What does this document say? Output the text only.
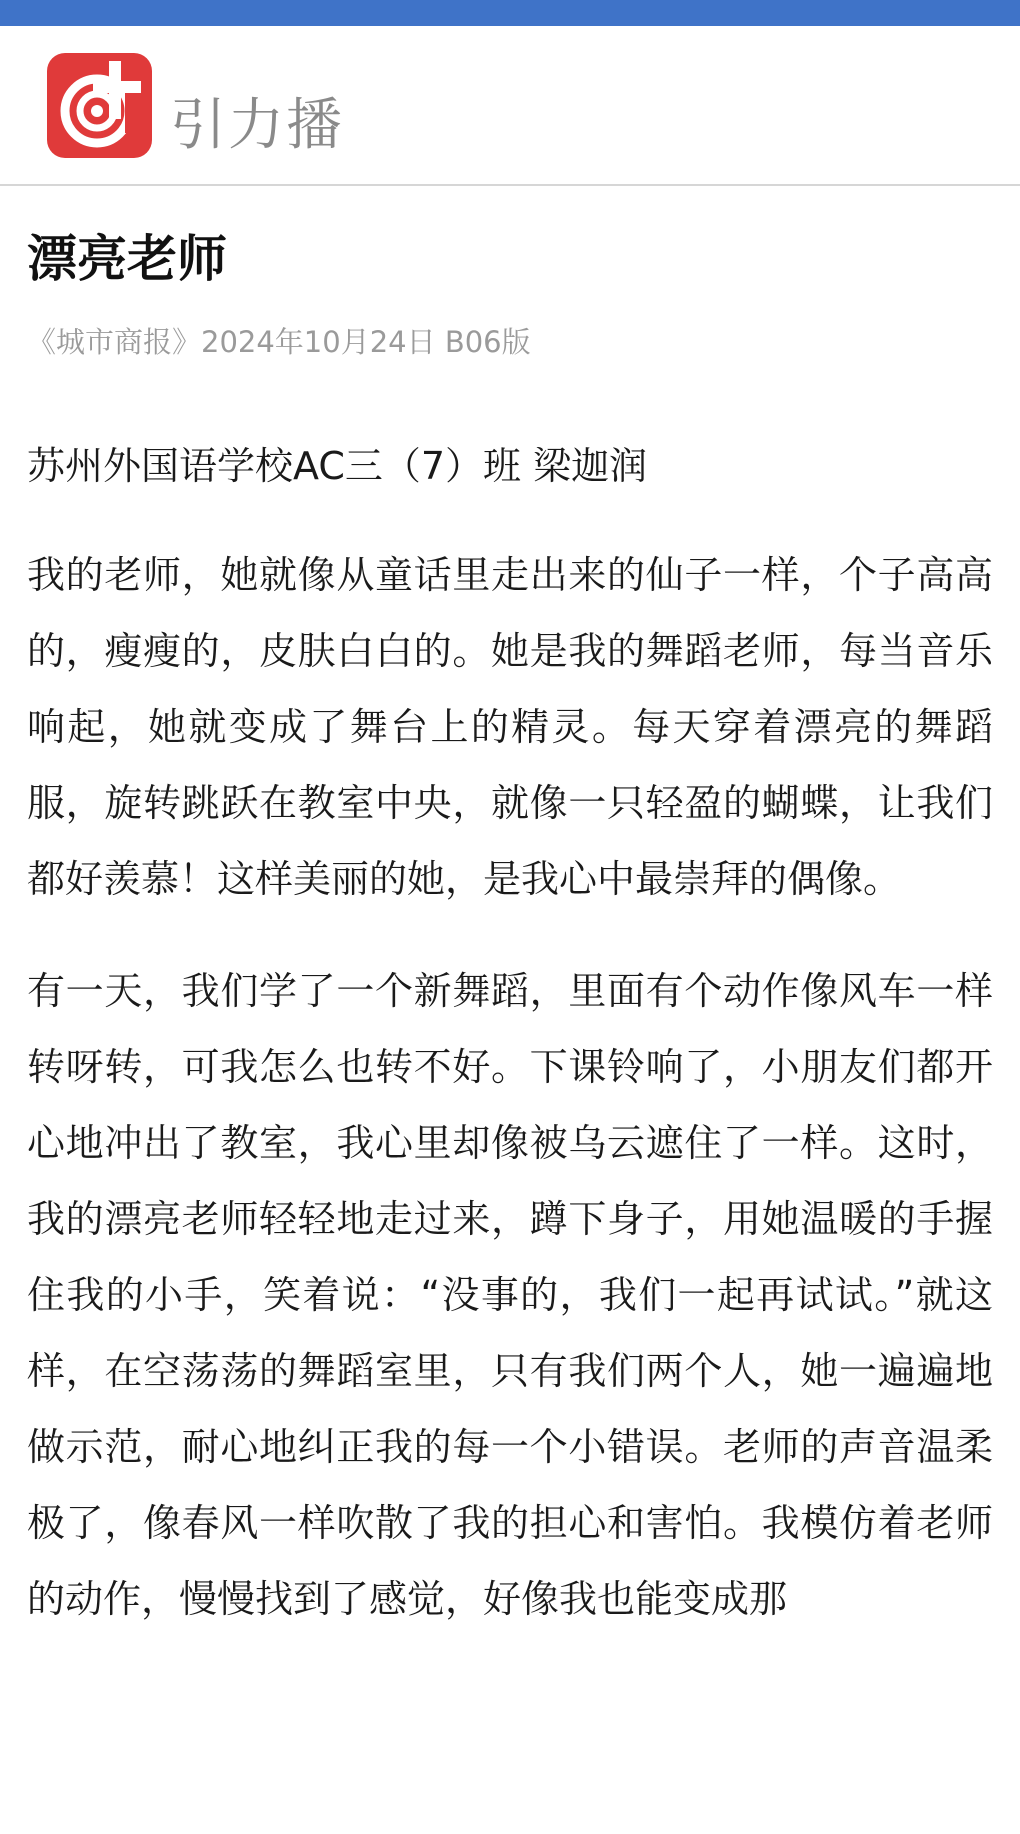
引力播
漂亮老师
《城市商报》2024年10月24日 B06版
苏州外国语学校AC三（7）班 梁迦润

我的老师，她就像从童话里走出来的仙子一样，个子高高的，瘦瘦的，皮肤白白的。她是我的舞蹈老师，每当音乐响起，她就变成了舞台上的精灵。每天穿着漂亮的舞蹈服，旋转跳跃在教室中央，就像一只轻盈的蝴蝶，让我们都好羡慕！这样美丽的她，是我心中最崇拜的偶像。

有一天，我们学了一个新舞蹈，里面有个动作像风车一样转呀转，可我怎么也转不好。下课铃响了，小朋友们都开心地冲出了教室，我心里却像被乌云遮住了一样。这时，我的漂亮老师轻轻地走过来，蹲下身子，用她温暖的手握住我的小手，笑着说：“没事的，我们一起再试试。”就这样，在空荡荡的舞蹈室里，只有我们两个人，她一遍遍地做示范，耐心地纠正我的每一个小错误。老师的声音温柔极了，像春风一样吹散了我的担心和害怕。我模仿着老师的动作，慢慢找到了感觉，好像我也能变成那
